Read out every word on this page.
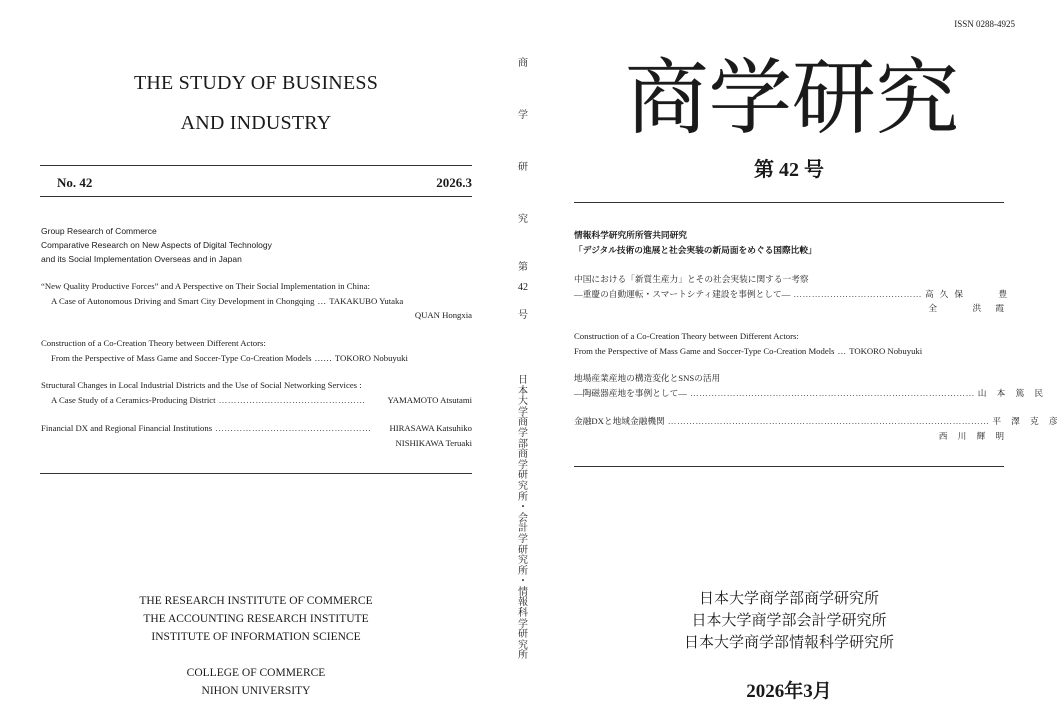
THE STUDY OF BUSINESS
AND INDUSTRY
No. 42	2026.3
Group Research of Commerce
Comparative Research on New Aspects of Digital Technology
and its Social Implementation Overseas and in Japan
“New Quality Productive Forces” and A Perspective on Their Social Implementation in China:
A Case of Autonomous Driving and Smart City Development in Chongqing … TAKAKUBO Yutaka
QUAN Hongxia
Construction of a Co-Creation Theory between Different Actors:
From the Perspective of Mass Game and Soccer-Type Co-Creation Models …… TOKORO Nobuyuki
Structural Changes in Local Industrial Districts and the Use of Social Networking Services :
A Case Study of a Ceramics-Producing District …………………………………………	YAMAMOTO Atsutami
Financial DX and Regional Financial Institutions ……………………………………………	HIRASAWA Katsuhiko
NISHIKAWA Teruaki
THE RESEARCH INSTITUTE OF COMMERCE
THE ACCOUNTING RESEARCH INSTITUTE
INSTITUTE OF INFORMATION SCIENCE
COLLEGE OF COMMERCE
NIHON UNIVERSITY
商
学
研
究
第
42
号
日
本
大
学
商
学
部
商
学
研
究
所
・
会
計
学
研
究
所
・
情
報
科
学
研
究
所
ISSN 0288-4925
商学研究
第 42 号
情報科学研究所所管共同研究
「デジタル技術の進展と社会実装の新局面をめぐる国際比較」
中国における「新質生産力」とその社会実装に関する一考察
―重慶の自動運転・スマートシティ建設を事例として― …………………………………… 高久保　　豊
全　　洪 霞
Construction of a Co-Creation Theory between Different Actors:
From the Perspective of Mass Game and Soccer-Type Co-Creation Models … TOKORO Nobuyuki
地場産業産地の構造変化とSNSの活用
―陶磁器産地を事例として― ………………………………………………………………………………… 山 本 篤 民
金融DXと地域金融機関 …………………………………………………………………………………………… 平 澤 克 彦
西 川 輝 明
日本大学商学部商学研究所
日本大学商学部会計学研究所
日本大学商学部情報科学研究所
2026年3月
